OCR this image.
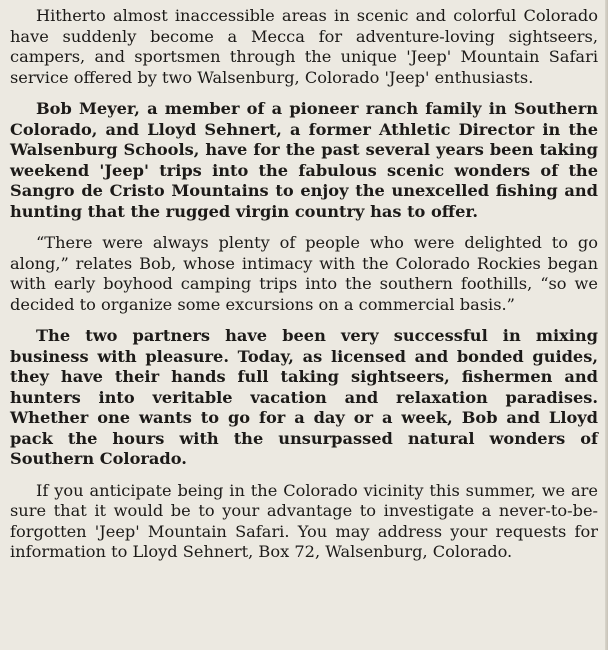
Hitherto almost inaccessible areas in scenic and colorful Colorado have suddenly become a Mecca for adventure-loving sightseers, campers, and sportsmen through the unique 'Jeep' Mountain Safari service offered by two Walsenburg, Colorado 'Jeep' enthusiasts.

Bob Meyer, a member of a pioneer ranch family in Southern Colorado, and Lloyd Sehnert, a former Athletic Director in the Walsenburg Schools, have for the past several years been taking weekend 'Jeep' trips into the fabulous scenic wonders of the Sangro de Cristo Mountains to enjoy the unexcelled fishing and hunting that the rugged virgin country has to offer.

“There were always plenty of people who were delighted to go along,” relates Bob, whose intimacy with the Colorado Rockies began with early boyhood camping trips into the southern foothills, “so we decided to organize some excursions on a commercial basis.”

The two partners have been very successful in mixing business with pleasure. Today, as licensed and bonded guides, they have their hands full taking sightseers, fishermen and hunters into veritable vacation and relaxation paradises. Whether one wants to go for a day or a week, Bob and Lloyd pack the hours with the unsurpassed natural wonders of Southern Colorado.

If you anticipate being in the Colorado vicinity this summer, we are sure that it would be to your advantage to investigate a never-to-be-forgotten 'Jeep' Mountain Safari. You may address your requests for information to Lloyd Sehnert, Box 72, Walsenburg, Colorado.
